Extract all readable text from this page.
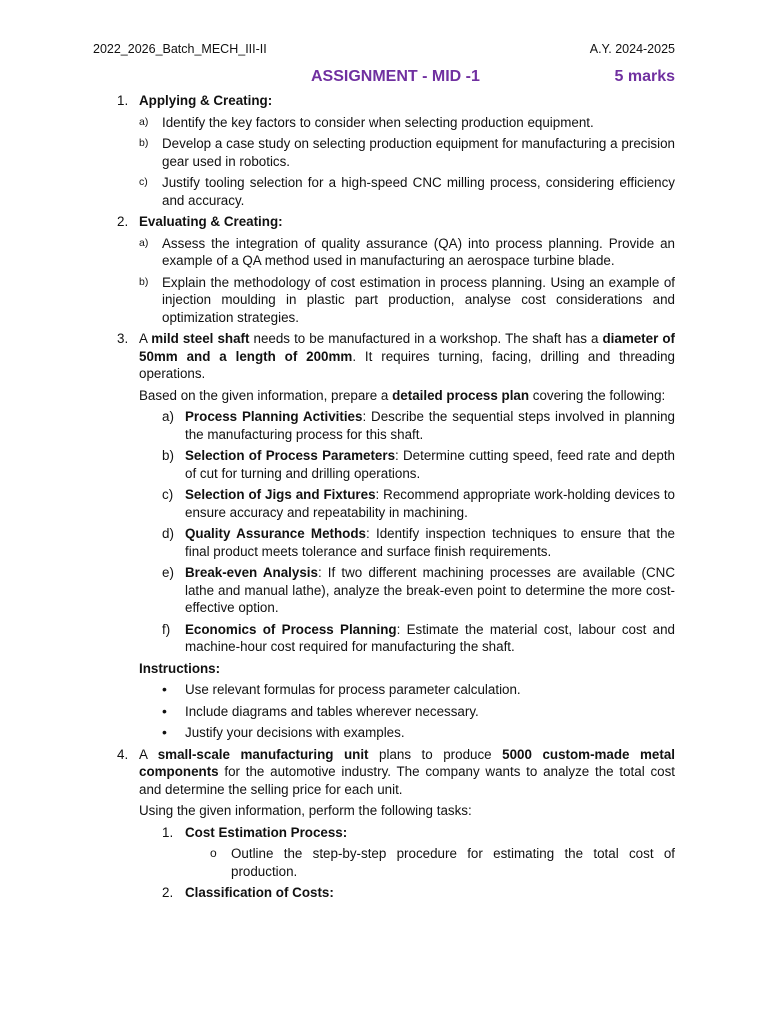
2022_2026_Batch_MECH_III-II	A.Y. 2024-2025
ASSIGNMENT - MID -1	5 marks
1. Applying & Creating:
a) Identify the key factors to consider when selecting production equipment.
b) Develop a case study on selecting production equipment for manufacturing a precision gear used in robotics.
c) Justify tooling selection for a high-speed CNC milling process, considering efficiency and accuracy.
2. Evaluating & Creating:
a) Assess the integration of quality assurance (QA) into process planning. Provide an example of a QA method used in manufacturing an aerospace turbine blade.
b) Explain the methodology of cost estimation in process planning. Using an example of injection moulding in plastic part production, analyse cost considerations and optimization strategies.
3. A mild steel shaft needs to be manufactured in a workshop. The shaft has a diameter of 50mm and a length of 200mm. It requires turning, facing, drilling and threading operations.
Based on the given information, prepare a detailed process plan covering the following:
a) Process Planning Activities: Describe the sequential steps involved in planning the manufacturing process for this shaft.
b) Selection of Process Parameters: Determine cutting speed, feed rate and depth of cut for turning and drilling operations.
c) Selection of Jigs and Fixtures: Recommend appropriate work-holding devices to ensure accuracy and repeatability in machining.
d) Quality Assurance Methods: Identify inspection techniques to ensure that the final product meets tolerance and surface finish requirements.
e) Break-even Analysis: If two different machining processes are available (CNC lathe and manual lathe), analyze the break-even point to determine the more cost-effective option.
f) Economics of Process Planning: Estimate the material cost, labour cost and machine-hour cost required for manufacturing the shaft.
Instructions:
• Use relevant formulas for process parameter calculation.
• Include diagrams and tables wherever necessary.
• Justify your decisions with examples.
4. A small-scale manufacturing unit plans to produce 5000 custom-made metal components for the automotive industry. The company wants to analyze the total cost and determine the selling price for each unit.
Using the given information, perform the following tasks:
1. Cost Estimation Process:
o Outline the step-by-step procedure for estimating the total cost of production.
2. Classification of Costs:
